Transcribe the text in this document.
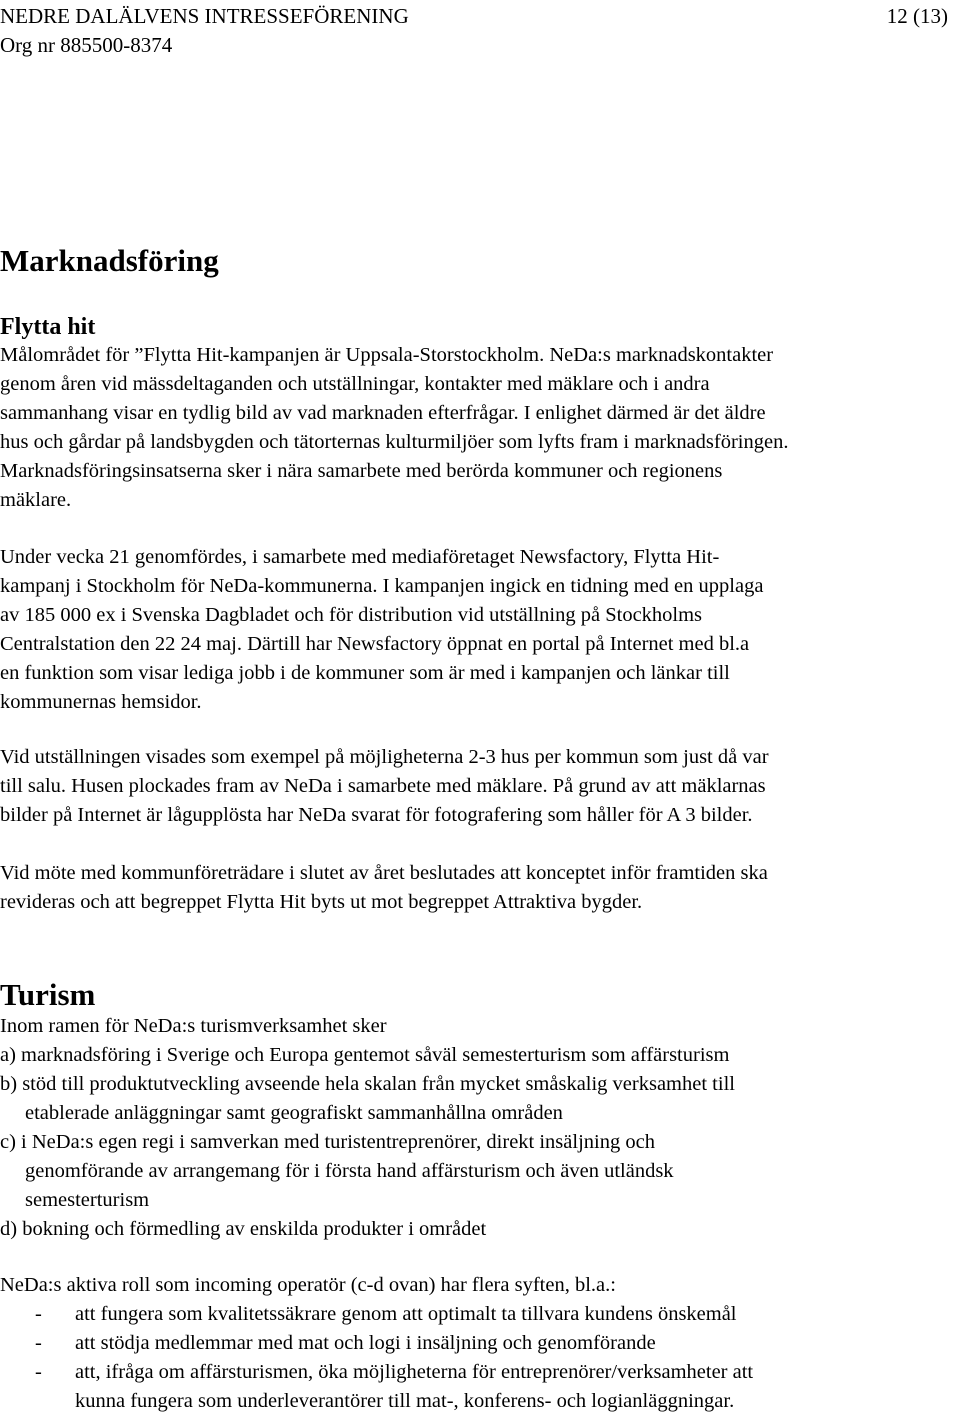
NEDRE DALÄLVENS INTRESSEFÖRENING	12 (13)
Org nr 885500-8374
Marknadsföring
Flytta hit
Målområdet för ”Flytta Hit-kampanjen är Uppsala-Storstockholm. NeDa:s marknadskontakter
genom åren vid mässdeltaganden och utställningar, kontakter med mäklare och i andra
sammanhang visar en tydlig bild av vad marknaden efterfrågar. I enlighet därmed är det äldre
hus och gårdar på landsbygden och tätorternas kulturmiljöer som lyfts fram i marknadsföringen.
Marknadsföringsinsatserna sker i nära samarbete med berörda kommuner och regionens
mäklare.
Under vecka 21 genomfördes, i samarbete med mediaföretaget Newsfactory, Flytta Hit-
kampanj i Stockholm för NeDa-kommunerna. I kampanjen ingick en tidning med en upplaga
av 185 000 ex i Svenska Dagbladet och för distribution vid utställning på Stockholms
Centralstation den 22 24 maj. Därtill har Newsfactory öppnat en portal på Internet med bl.a
en funktion som visar lediga jobb i de kommuner som är med i kampanjen och länkar till
kommunernas hemsidor.
Vid utställningen visades som exempel på möjligheterna 2-3 hus per kommun som just då var
till salu. Husen plockades fram av NeDa i samarbete med mäklare. På grund av att mäklarnas
bilder på Internet är lågupplösta har NeDa svarat för fotografering som håller för A 3 bilder.
Vid möte med kommunföreträdare i slutet av året beslutades att konceptet inför framtiden ska
revideras och att begreppet Flytta Hit byts ut mot begreppet Attraktiva bygder.
Turism
Inom ramen för NeDa:s turismverksamhet sker
a) marknadsföring i Sverige och Europa gentemot såväl semesterturism som affärsturism
b) stöd till produktutveckling avseende hela skalan från mycket småskalig verksamhet till
etablerade anläggningar samt geografiskt sammanhållna områden
c) i NeDa:s egen regi i samverkan med turistentreprenörer, direkt insäljning och
genomförande av arrangemang för i första hand affärsturism och även utländsk
semesterturism
d) bokning och förmedling av enskilda produkter i området
NeDa:s aktiva roll som incoming operatör (c-d ovan) har flera syften, bl.a.:
- att fungera som kvalitetssäkrare genom att optimalt ta tillvara kundens önskemål
- att stödja medlemmar med mat och logi i insäljning och genomförande
- att, ifråga om affärsturismen, öka möjligheterna för entreprenörer/verksamheter att
kunna fungera som underleverantörer till mat-, konferens- och logianläggningar.
